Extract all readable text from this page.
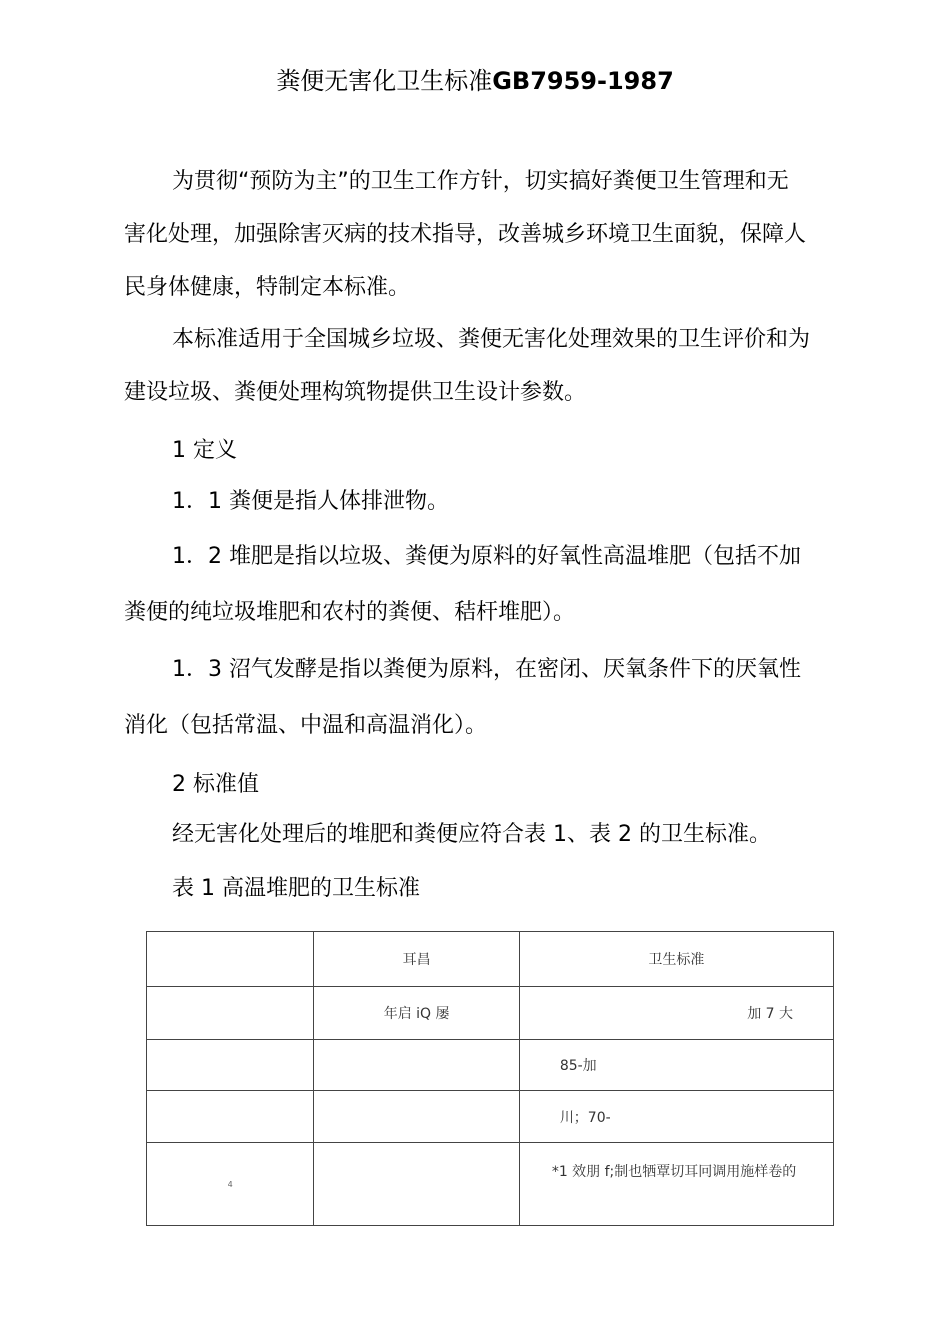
粪便无害化卫生标准GB7959-1987
为贯彻“预防为主”的卫生工作方针，切实搞好粪便卫生管理和无
害化处理，加强除害灭病的技术指导，改善城乡环境卫生面貌，保障人
民身体健康，特制定本标准。
本标准适用于全国城乡垃圾、粪便无害化处理效果的卫生评价和为
建设垃圾、粪便处理构筑物提供卫生设计参数。
1 定义
1．1 粪便是指人体排泄物。
1．2 堆肥是指以垃圾、粪便为原料的好氧性高温堆肥（包括不加
粪便的纯垃圾堆肥和农村的粪便、秸杆堆肥）。
1．3 沼气发酵是指以粪便为原料，在密闭、厌氧条件下的厌氧性
消化（包括常温、中温和高温消化）。
2 标准值
经无害化处理后的堆肥和粪便应符合表 1、表 2 的卫生标准。
表 1 高温堆肥的卫生标准
	耳昌	卫生标准
	年启 iQ 屡	加 7 大
		85-加
		川；70-
4		*1 效朋 f;制也牺覃切耳冋调用施样卷的
